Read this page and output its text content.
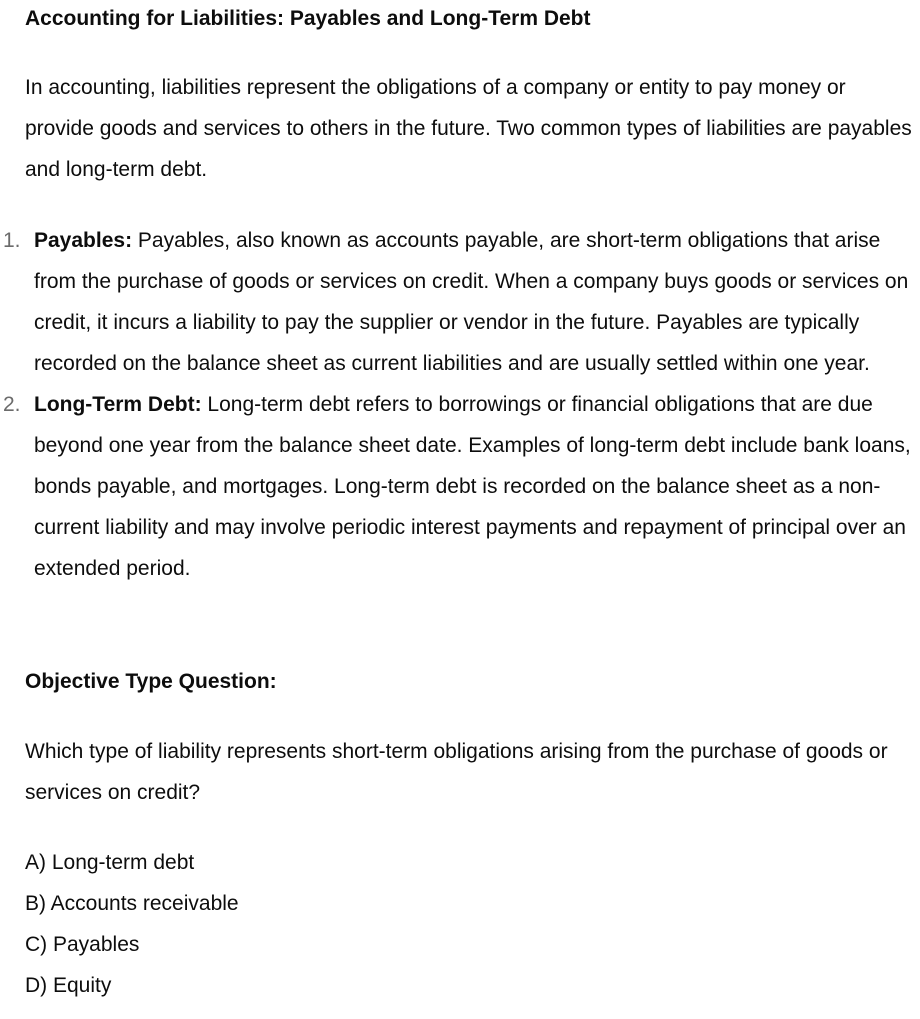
Accounting for Liabilities: Payables and Long-Term Debt

In accounting, liabilities represent the obligations of a company or entity to pay money or provide goods and services to others in the future. Two common types of liabilities are payables and long-term debt.

1. Payables: Payables, also known as accounts payable, are short-term obligations that arise from the purchase of goods or services on credit. When a company buys goods or services on credit, it incurs a liability to pay the supplier or vendor in the future. Payables are typically recorded on the balance sheet as current liabilities and are usually settled within one year.
2. Long-Term Debt: Long-term debt refers to borrowings or financial obligations that are due beyond one year from the balance sheet date. Examples of long-term debt include bank loans, bonds payable, and mortgages. Long-term debt is recorded on the balance sheet as a non-current liability and may involve periodic interest payments and repayment of principal over an extended period.
Objective Type Question:

Which type of liability represents short-term obligations arising from the purchase of goods or services on credit?

A) Long-term debt
B) Accounts receivable
C) Payables
D) Equity
